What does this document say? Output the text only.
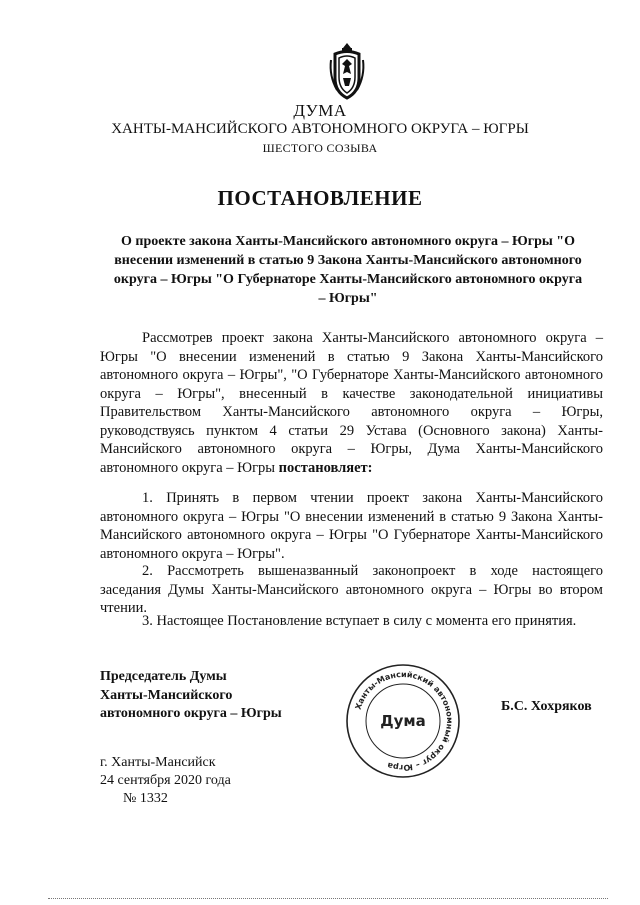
ДУМА

ХАНТЫ-МАНСИЙСКОГО АВТОНОМНОГО ОКРУГА – ЮГРЫ

ШЕСТОГО СОЗЫВА

ПОСТАНОВЛЕНИЕ

О проекте закона Ханты-Мансийского автономного округа – Югры "О внесении изменений в статью 9 Закона Ханты-Мансийского автономного округа – Югры "О Губернаторе Ханты-Мансийского автономного округа – Югры"

Рассмотрев проект закона Ханты-Мансийского автономного округа – Югры "О внесении изменений в статью 9 Закона Ханты-Мансийского автономного округа – Югры", "О Губернаторе Ханты-Мансийского автономного округа – Югры", внесенный в качестве законодательной инициативы Правительством Ханты-Мансийского автономного округа – Югры, руководствуясь пунктом 4 статьи 29 Устава (Основного закона) Ханты-Мансийского автономного округа – Югры, Дума Ханты-Мансийского автономного округа – Югры постановляет:

1. Принять в первом чтении проект закона Ханты-Мансийского автономного округа – Югры "О внесении изменений в статью 9 Закона Ханты-Мансийского автономного округа – Югры "О Губернаторе Ханты-Мансийского автономного округа – Югры".

2. Рассмотреть вышеназванный законопроект в ходе настоящего заседания Думы Ханты-Мансийского автономного округа – Югры во втором чтении.

3. Настоящее Постановление вступает в силу с момента его принятия.

Председатель Думы
Ханты-Мансийского
автономного округа – Югры	Ханты-Мансийский автономный округ – Югра
Дума

Б.С. Хохряков

г. Ханты-Мансийск
24 сентября 2020 года
№ 1332
